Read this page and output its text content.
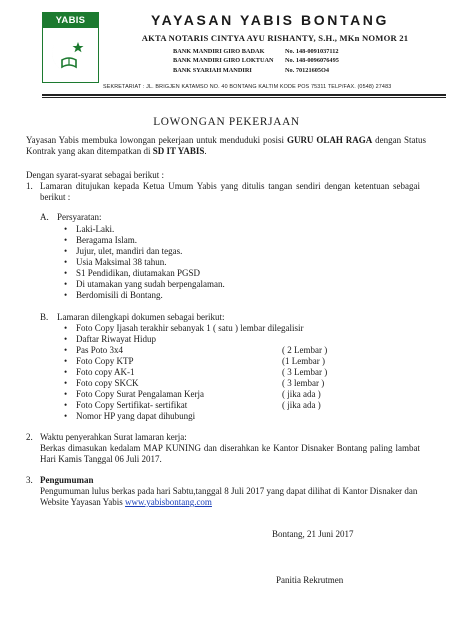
YABIS	YAYASAN YABIS BONTANG
AKTA NOTARIS CINTYA AYU RISHANTY, S.H., MKn NOMOR 21
BANK MANDIRI GIRO BADAK	No. 148-0091037112
BANK MANDIRI GIRO LOKTUAN	No. 148-0096076495
BANK SYARIAH MANDIRI	No. 70121605O4
SEKRETARIAT : JL. BRIGJEN KATAMSO NO. 40 BONTANG KALTIM KODE POS 75311 TELP/FAX. (0548) 27483
LOWONGAN PEKERJAAN
Yayasan Yabis membuka lowongan pekerjaan untuk menduduki posisi GURU OLAH RAGA dengan Status Kontrak yang akan ditempatkan di SD IT YABIS.
Dengan syarat-syarat sebagai berikut :
1. Lamaran ditujukan kepada Ketua Umum Yabis yang ditulis tangan sendiri dengan ketentuan sebagai berikut :
A. Persyaratan:
• Laki-Laki.
• Beragama Islam.
• Jujur, ulet, mandiri dan tegas.
• Usia Maksimal 38 tahun.
• S1 Pendidikan, diutamakan PGSD
• Di utamakan yang sudah berpengalaman.
• Berdomisili di Bontang.
B. Lamaran dilengkapi dokumen sebagai berikut:
• Foto Copy Ijasah terakhir sebanyak 1 ( satu ) lembar dilegalisir
• Daftar Riwayat Hidup
• Pas Poto 3x4	( 2 Lembar )
• Foto Copy KTP	(1 Lembar )
• Foto copy AK-1	( 3 Lembar )
• Foto copy SKCK	( 3 lembar )
• Foto Copy Surat Pengalaman Kerja	( jika ada )
• Foto Copy Sertifikat- sertifikat	( jika ada )
• Nomor HP yang dapat dihubungi
2. Waktu penyerahkan Surat lamaran kerja:
Berkas dimasukan kedalam MAP KUNING dan diserahkan ke Kantor Disnaker Bontang paling lambat Hari Kamis Tanggal 06 Juli 2017.
3. Pengumuman
Pengumuman lulus berkas pada hari Sabtu,tanggal 8 Juli 2017 yang dapat dilihat di Kantor Disnaker dan
Website Yayasan Yabis www.yabisbontang.com
Bontang, 21 Juni 2017
Panitia Rekrutmen
